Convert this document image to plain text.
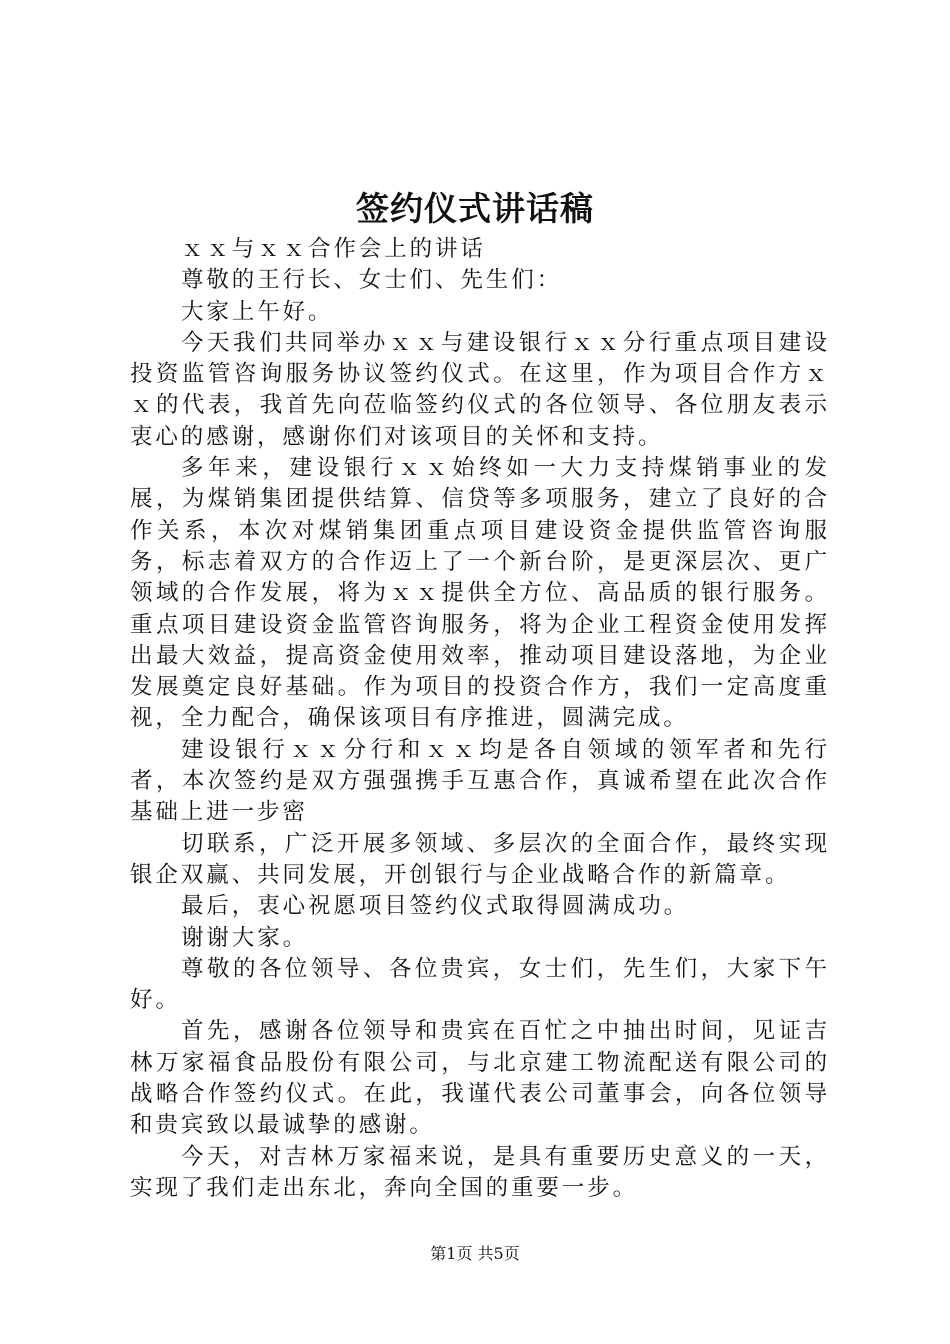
签约仪式讲话稿

ｘｘ与ｘｘ合作会上的讲话

尊敬的王行长、女士们、先生们：

大家上午好。

今天我们共同举办ｘｘ与建设银行ｘｘ分行重点项目建设投资监管咨询服务协议签约仪式。在这里，作为项目合作方ｘｘ的代表，我首先向莅临签约仪式的各位领导、各位朋友表示衷心的感谢，感谢你们对该项目的关怀和支持。

多年来，建设银行ｘｘ始终如一大力支持煤销事业的发展，为煤销集团提供结算、信贷等多项服务，建立了良好的合作关系，本次对煤销集团重点项目建设资金提供监管咨询服务，标志着双方的合作迈上了一个新台阶，是更深层次、更广领域的合作发展，将为ｘｘ提供全方位、高品质的银行服务。重点项目建设资金监管咨询服务，将为企业工程资金使用发挥出最大效益，提高资金使用效率，推动项目建设落地，为企业发展奠定良好基础。作为项目的投资合作方，我们一定高度重视，全力配合，确保该项目有序推进，圆满完成。

建设银行ｘｘ分行和ｘｘ均是各自领域的领军者和先行者，本次签约是双方强强携手互惠合作，真诚希望在此次合作基础上进一步密

切联系，广泛开展多领域、多层次的全面合作，最终实现银企双赢、共同发展，开创银行与企业战略合作的新篇章。

最后，衷心祝愿项目签约仪式取得圆满成功。

谢谢大家。

尊敬的各位领导、各位贵宾，女士们，先生们，大家下午好。

首先，感谢各位领导和贵宾在百忙之中抽出时间，见证吉林万家福食品股份有限公司，与北京建工物流配送有限公司的战略合作签约仪式。在此，我谨代表公司董事会，向各位领导和贵宾致以最诚挚的感谢。

今天，对吉林万家福来说，是具有重要历史意义的一天，实现了我们走出东北，奔向全国的重要一步。

第1页 共5页
